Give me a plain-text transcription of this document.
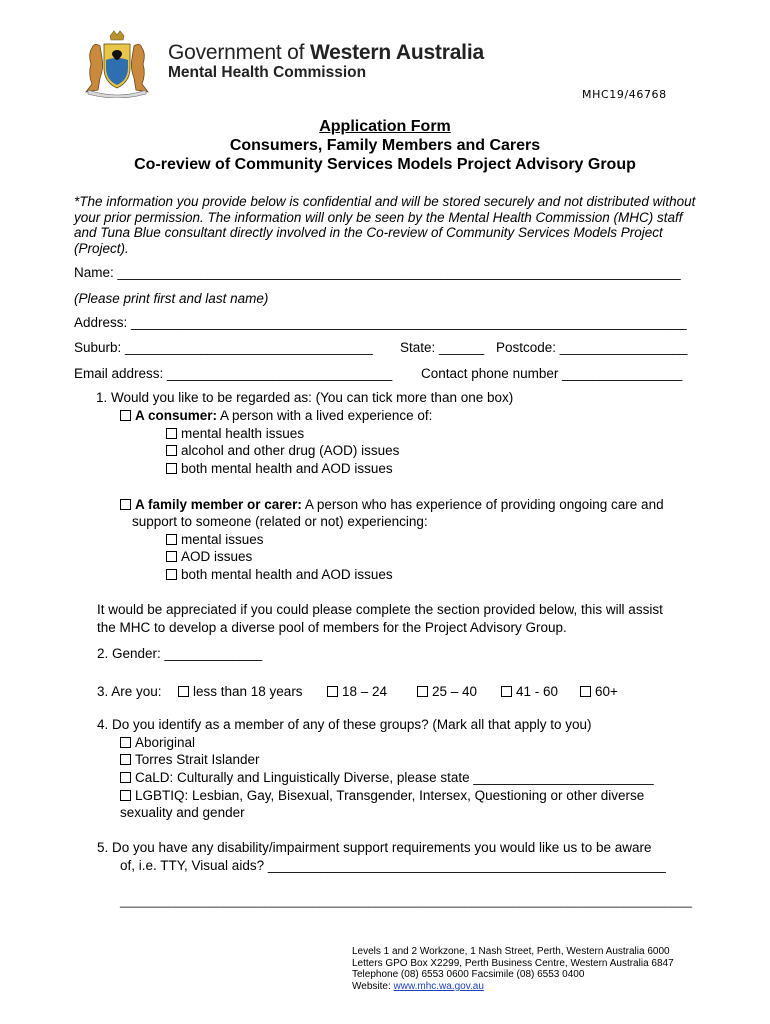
Government of Western Australia
Mental Health Commission
MHC19/46768
Application Form
Consumers, Family Members and Carers
Co-review of Community Services Models Project Advisory Group
*The information you provide below is confidential and will be stored securely and not distributed without your prior permission. The information will only be seen by the Mental Health Commission (MHC) staff and Tuna Blue consultant directly involved in the Co-review of Community Services Models Project (Project).
Name: ___________________________________________________________________________
(Please print first and last name)
Address: __________________________________________________________________________
Suburb: _________________________________ State: ______ Postcode: _________________
Email address: ______________________________ Contact phone number ________________
1. Would you like to be regarded as: (You can tick more than one box)
A consumer: A person with a lived experience of:
mental health issues
alcohol and other drug (AOD) issues
both mental health and AOD issues
A family member or carer: A person who has experience of providing ongoing care and
support to someone (related or not) experiencing:
mental issues
AOD issues
both mental health and AOD issues
It would be appreciated if you could please complete the section provided below, this will assist
the MHC to develop a diverse pool of members for the Project Advisory Group.
2. Gender: _____________
3. Are you:	less than 18 years	18 – 24	25 – 40	41 - 60	60+
4. Do you identify as a member of any of these groups? (Mark all that apply to you)
Aboriginal
Torres Strait Islander
CaLD: Culturally and Linguistically Diverse, please state ________________________
LGBTIQ: Lesbian, Gay, Bisexual, Transgender, Intersex, Questioning or other diverse
sexuality and gender
5. Do you have any disability/impairment support requirements you would like us to be aware
of, i.e. TTY, Visual aids? _____________________________________________________
___________________________________________________________________________________
Levels 1 and 2 Workzone, 1 Nash Street, Perth, Western Australia 6000
Letters GPO Box X2299, Perth Business Centre, Western Australia 6847
Telephone (08) 6553 0600 Facsimile (08) 6553 0400
Website: www.mhc.wa.gov.au
